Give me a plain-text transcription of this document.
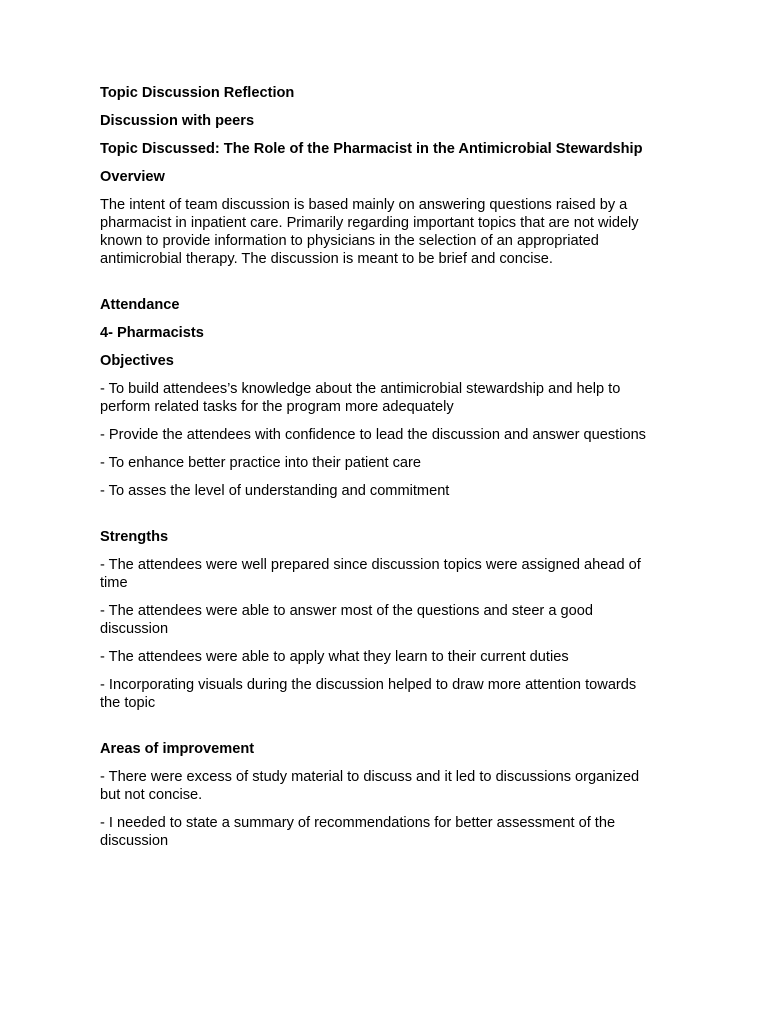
Topic Discussion Reflection
Discussion with peers
Topic Discussed: The Role of the Pharmacist in the Antimicrobial Stewardship
Overview
The intent of team discussion is based mainly on answering questions raised by a
pharmacist in inpatient care. Primarily regarding important topics that are not widely
known to provide information to physicians in the selection of an appropriated
antimicrobial therapy. The discussion is meant to be brief and concise.
Attendance
4- Pharmacists
Objectives
- To build attendees’s knowledge about the antimicrobial stewardship and help to
perform related tasks for the program more adequately
- Provide the attendees with confidence to lead the discussion and answer questions
- To enhance better practice into their patient care
- To asses the level of understanding and commitment
Strengths
- The attendees were well prepared since discussion topics were assigned ahead of
time
- The attendees were able to answer most of the questions and steer a good
discussion
- The attendees were able to apply what they learn to their current duties
- Incorporating visuals during the discussion helped to draw more attention towards
the topic
Areas of improvement
- There were excess of study material to discuss and it led to discussions organized
but not concise.
- I needed to state a summary of recommendations for better assessment of the
discussion
